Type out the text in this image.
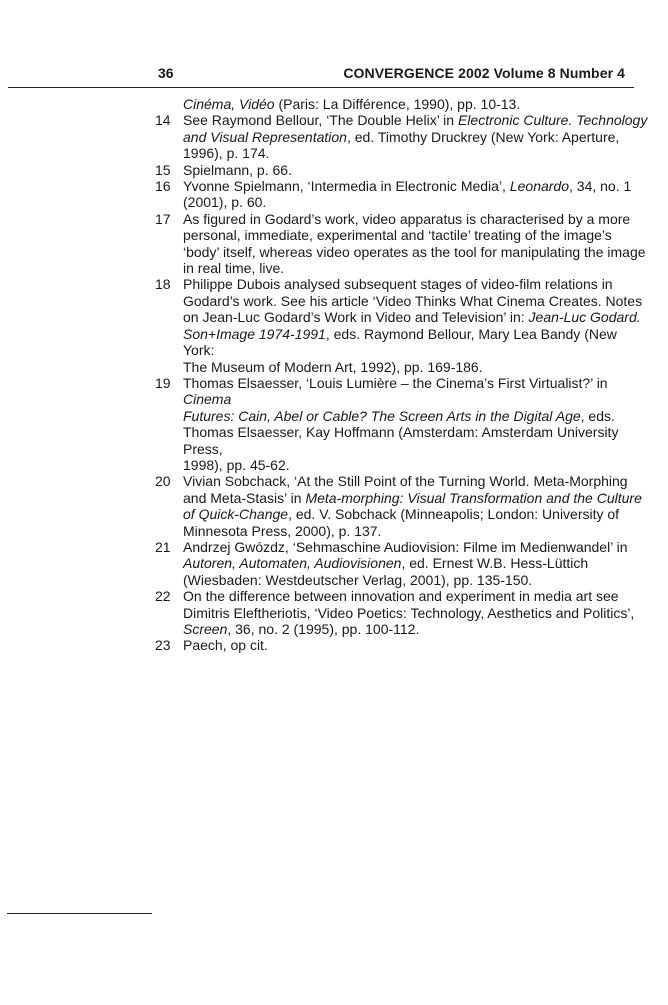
36	CONVERGENCE 2002 Volume 8 Number 4
Cinéma, Vidéo (Paris: La Différence, 1990), pp. 10-13.
14 See Raymond Bellour, ‘The Double Helix’ in Electronic Culture. Technology
and Visual Representation, ed. Timothy Druckrey (New York: Aperture,
1996), p. 174.
15 Spielmann, p. 66.
16 Yvonne Spielmann, ‘Intermedia in Electronic Media’, Leonardo, 34, no. 1
(2001), p. 60.
17 As figured in Godard’s work, video apparatus is characterised by a more
personal, immediate, experimental and ‘tactile’ treating of the image’s
‘body’ itself, whereas video operates as the tool for manipulating the image
in real time, live.
18 Philippe Dubois analysed subsequent stages of video-film relations in
Godard’s work. See his article ‘Video Thinks What Cinema Creates. Notes
on Jean-Luc Godard’s Work in Video and Television’ in: Jean-Luc Godard.
Son+Image 1974-1991, eds. Raymond Bellour, Mary Lea Bandy (New York:
The Museum of Modern Art, 1992), pp. 169-186.
19 Thomas Elsaesser, ‘Louis Lumière – the Cinema’s First Virtualist?’ in Cinema
Futures: Cain, Abel or Cable? The Screen Arts in the Digital Age, eds.
Thomas Elsaesser, Kay Hoffmann (Amsterdam: Amsterdam University Press,
1998), pp. 45-62.
20 Vivian Sobchack, ‘At the Still Point of the Turning World. Meta-Morphing
and Meta-Stasis’ in Meta-morphing: Visual Transformation and the Culture
of Quick-Change, ed. V. Sobchack (Minneapolis; London: University of
Minnesota Press, 2000), p. 137.
21 Andrzej Gwózdz, ‘Sehmaschine Audiovision: Filme im Medienwandel’ in
Autoren, Automaten, Audiovisionen, ed. Ernest W.B. Hess-Lüttich
(Wiesbaden: Westdeutscher Verlag, 2001), pp. 135-150.
22 On the difference between innovation and experiment in media art see
Dimitris Eleftheriotis, ‘Video Poetics: Technology, Aesthetics and Politics’,
Screen, 36, no. 2 (1995), pp. 100-112.
23 Paech, op cit.
